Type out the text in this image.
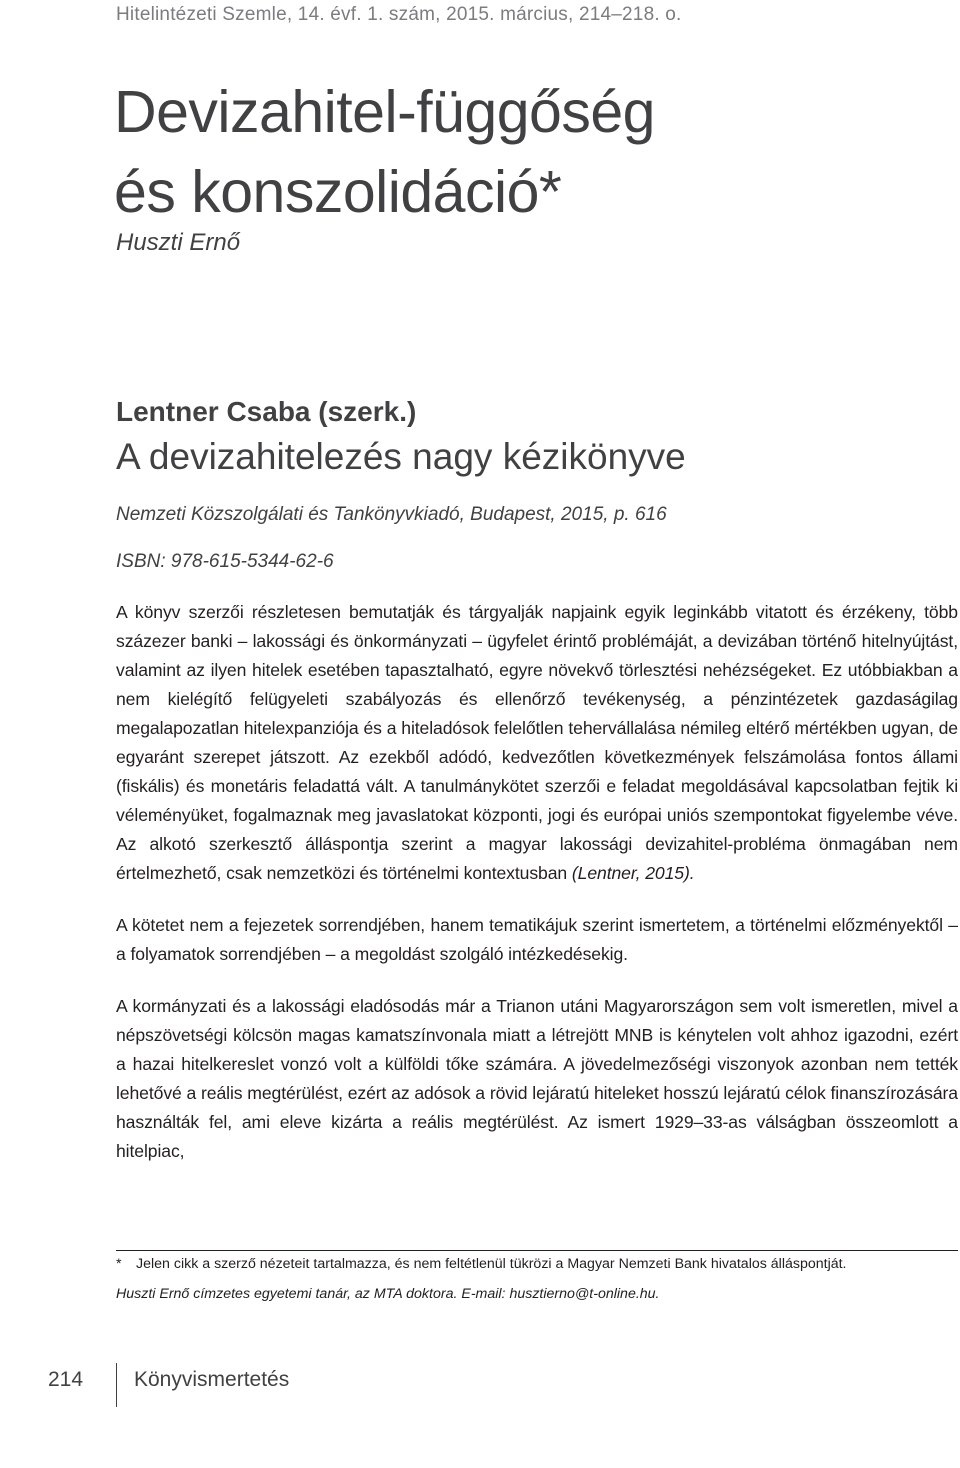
Hitelintézeti Szemle, 14. évf. 1. szám, 2015. március, 214–218. o.
Devizahitel-függőség
és konszolidáció*
Huszti Ernő
Lentner Csaba (szerk.)
A devizahitelezés nagy kézikönyve
Nemzeti Közszolgálati és Tankönyvkiadó, Budapest, 2015, p. 616
ISBN: 978-615-5344-62-6

A könyv szerzői részletesen bemutatják és tárgyalják napjaink egyik leginkább vitatott és érzékeny, több százezer banki – lakossági és önkormányzati – ügyfelet érintő problémáját, a devizában történő hitelnyújtást, valamint az ilyen hitelek esetében tapasztalható, egyre növekvő törlesztési nehézségeket. Ez utóbbiakban a nem kielégítő felügyeleti szabályozás és ellenőrző tevékenység, a pénzintézetek gazdaságilag megalapozatlan hitelexpanziója és a hiteladósok felelőtlen tehervállalása némileg eltérő mértékben ugyan, de egyaránt szerepet játszott. Az ezekből adódó, kedvezőtlen következmények felszámolása fontos állami (fiskális) és monetáris feladattá vált. A tanulmánykötet szerzői e feladat megoldásával kapcsolatban fejtik ki véleményüket, fogalmaznak meg javaslatokat központi, jogi és európai uniós szempontokat figyelembe véve. Az alkotó szerkesztő álláspontja szerint a magyar lakossági devizahitel-probléma önmagában nem értelmezhető, csak nemzetközi és történelmi kontextusban (Lentner, 2015).

A kötetet nem a fejezetek sorrendjében, hanem tematikájuk szerint ismertetem, a történelmi előzményektől – a folyamatok sorrendjében – a megoldást szolgáló intézkedésekig.

A kormányzati és a lakossági eladósodás már a Trianon utáni Magyarországon sem volt ismeretlen, mivel a népszövetségi kölcsön magas kamatszínvonala miatt a létrejött MNB is kénytelen volt ahhoz igazodni, ezért a hazai hitelkereslet vonzó volt a külföldi tőke számára. A jövedelmezőségi viszonyok azonban nem tették lehetővé a reális megtérülést, ezért az adósok a rövid lejáratú hiteleket hosszú lejáratú célok finanszírozására használták fel, ami eleve kizárta a reális megtérülést. Az ismert 1929–33-as válságban összeomlott a hitelpiac,

* Jelen cikk a szerző nézeteit tartalmazza, és nem feltétlenül tükrözi a Magyar Nemzeti Bank hivatalos álláspontját.
Huszti Ernő címzetes egyetemi tanár, az MTA doktora. E-mail: husztierno@t-online.hu.
214 Könyvismertetés
